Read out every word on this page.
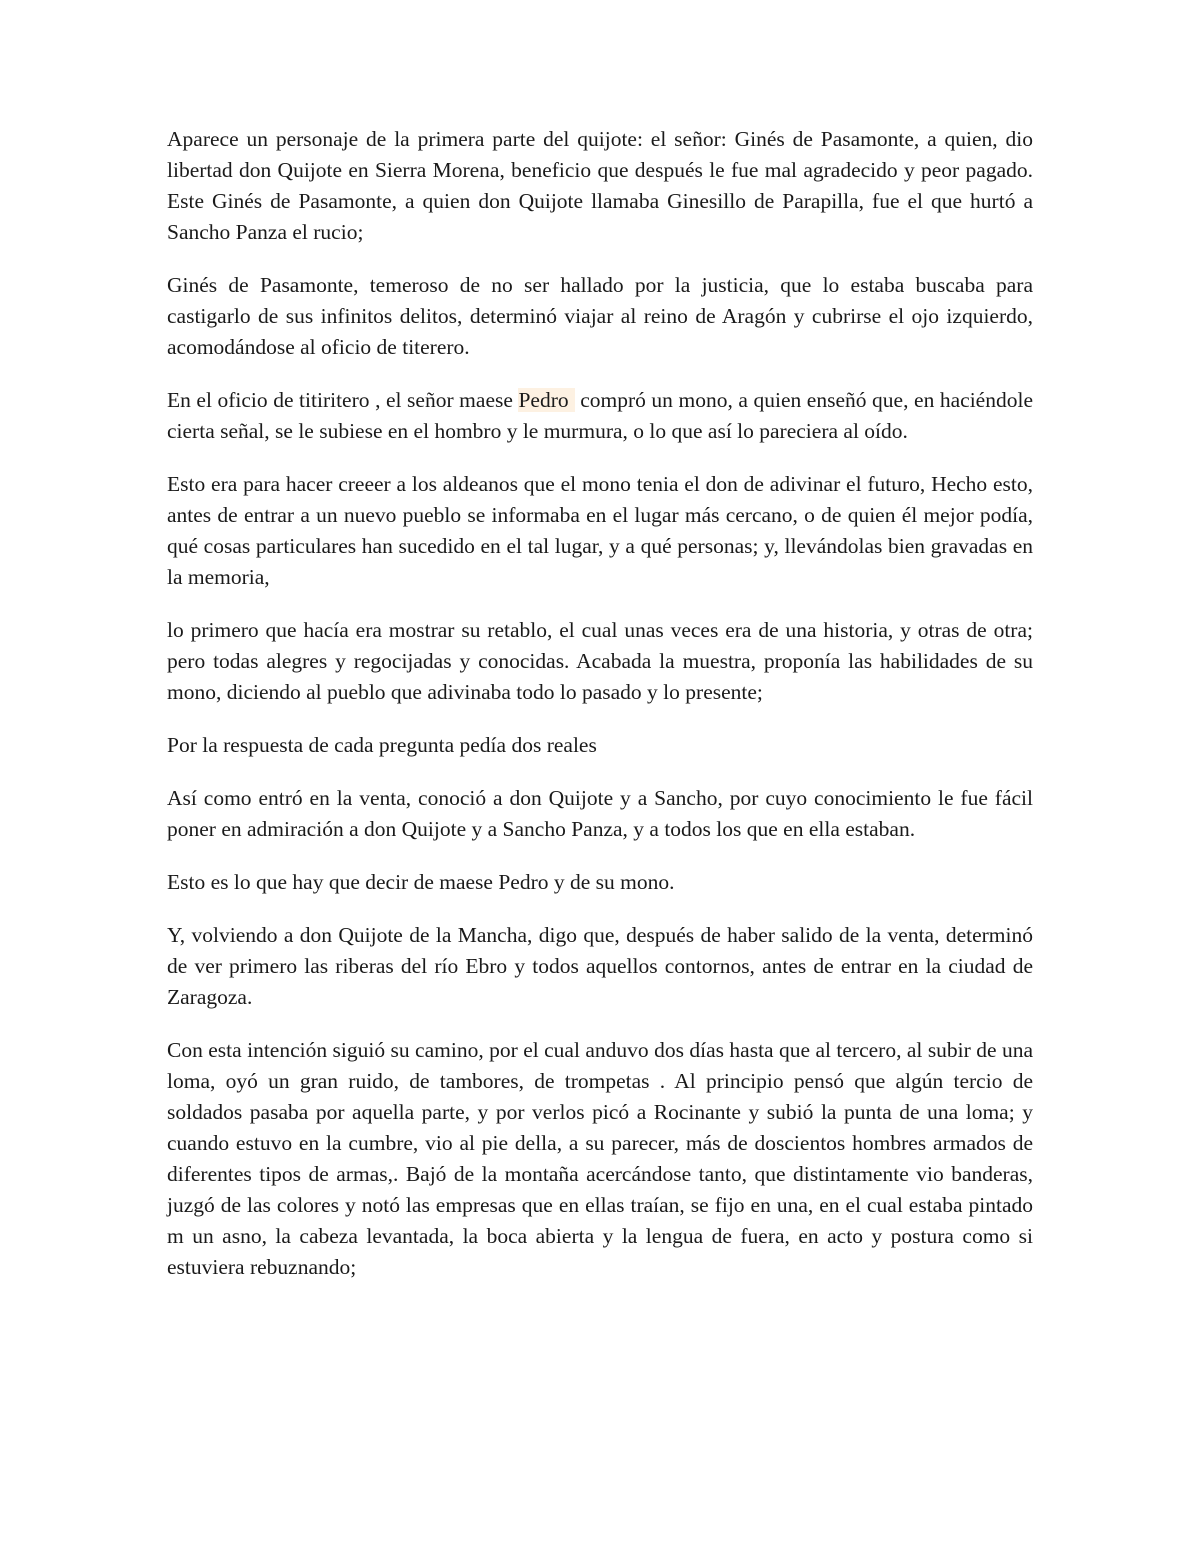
Aparece un personaje de la primera parte del quijote: el señor: Ginés de Pasamonte, a quien, dio libertad don Quijote en Sierra Morena, beneficio que después le fue mal agradecido y peor pagado. Este Ginés de Pasamonte, a quien don Quijote llamaba Ginesillo de Parapilla, fue el que hurtó a Sancho Panza el rucio;

Ginés de Pasamonte, temeroso de no ser hallado por la justicia, que lo estaba buscaba para castigarlo de sus infinitos delitos, determinó viajar al reino de Aragón y cubrirse el ojo izquierdo, acomodándose al oficio de titerero.

En el oficio de titiritero , el señor maese Pedro compró un mono, a quien enseñó que, en haciéndole cierta señal, se le subiese en el hombro y le murmura, o lo que así lo pareciera al oído.

Esto era para hacer creeer a los aldeanos que el mono tenia el don de adivinar el futuro, Hecho esto, antes de entrar a un nuevo pueblo se informaba en el lugar más cercano, o de quien él mejor podía, qué cosas particulares han sucedido en el tal lugar, y a qué personas; y, llevándolas bien gravadas en la memoria,

lo primero que hacía era mostrar su retablo, el cual unas veces era de una historia, y otras de otra; pero todas alegres y regocijadas y conocidas. Acabada la muestra, proponía las habilidades de su mono, diciendo al pueblo que adivinaba todo lo pasado y lo presente;

Por la respuesta de cada pregunta pedía dos reales

Así como entró en la venta, conoció a don Quijote y a Sancho, por cuyo conocimiento le fue fácil poner en admiración a don Quijote y a Sancho Panza, y a todos los que en ella estaban.

Esto es lo que hay que decir de maese Pedro y de su mono.

Y, volviendo a don Quijote de la Mancha, digo que, después de haber salido de la venta, determinó de ver primero las riberas del río Ebro y todos aquellos contornos, antes de entrar en la ciudad de Zaragoza.

Con esta intención siguió su camino, por el cual anduvo dos días hasta que al tercero, al subir de una loma, oyó un gran ruido, de tambores, de trompetas . Al principio pensó que algún tercio de soldados pasaba por aquella parte, y por verlos picó a Rocinante y subió la punta de una loma; y cuando estuvo en la cumbre, vio al pie della, a su parecer, más de doscientos hombres armados de diferentes tipos de armas,. Bajó de la montaña acercándose tanto, que distintamente vio banderas, juzgó de las colores y notó las empresas que en ellas traían, se fijo en una, en el cual estaba pintado m un asno, la cabeza levantada, la boca abierta y la lengua de fuera, en acto y postura como si estuviera rebuznando;
